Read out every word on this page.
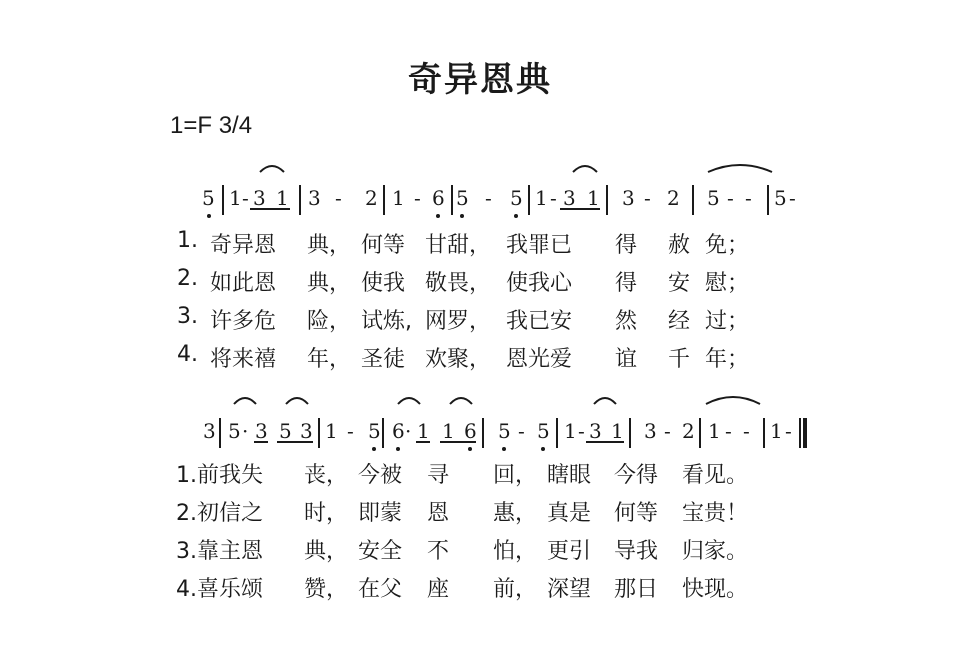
奇异恩典
1=F 3/4
5 1 - 3 1 3 - 2 1 - 6 5 - 5 1 - 3 1 3 - 2 5 - - 5 -
1. 奇异恩 典， 何等 甘甜， 我罪已 得 赦 免；
2. 如此恩 典， 使我 敬畏， 使我心 得 安 慰；
3. 许多危 险， 试炼, 网罗， 我已安 然 经 过；
4. 将来禧 年， 圣徒 欢聚， 恩光爱 谊 千 年；
3 5 · 3 5 3 1 - 5 6 · 1 1 6 5 - 5 1 - 3 1 3 - 2 1 - - 1 -
1.前我失 丧， 今被 寻 回， 瞎眼 今得 看见。
2.初信之 时， 即蒙 恩 惠， 真是 何等 宝贵！
3.靠主恩 典， 安全 不 怕， 更引 导我 归家。
4.喜乐颂 赞， 在父 座 前， 深望 那日 快现。
